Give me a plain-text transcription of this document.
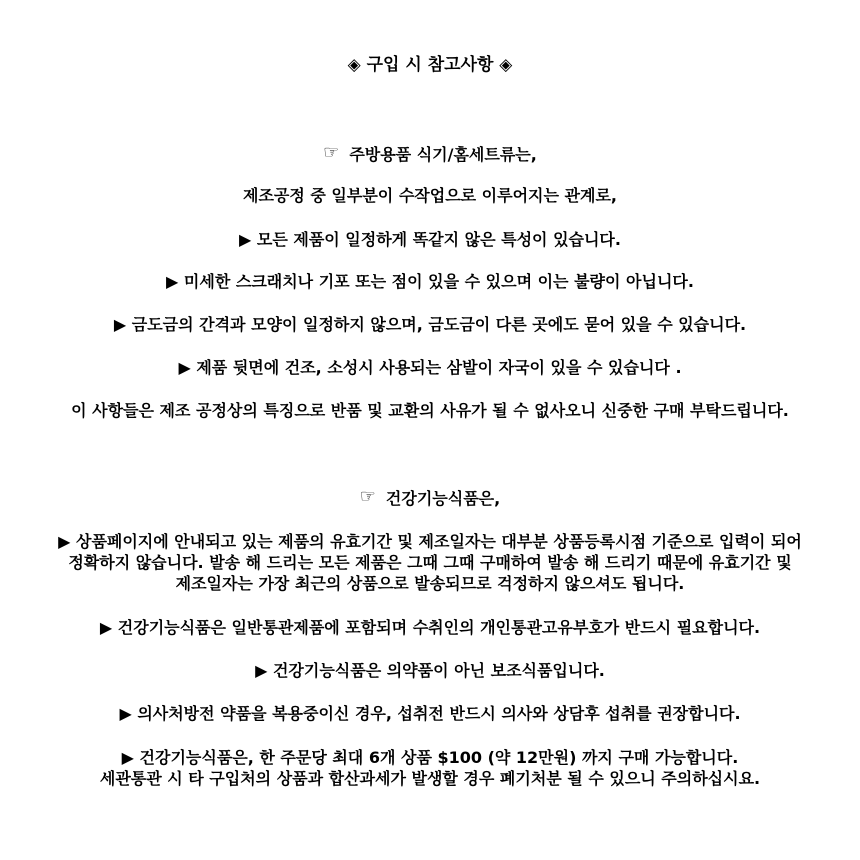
◈ 구입 시 참고사항 ◈
☞ 주방용품 식기/홈세트류는,
제조공정 중 일부분이 수작업으로 이루어지는 관계로,
▶ 모든 제품이 일정하게 똑같지 않은 특성이 있습니다.
▶ 미세한 스크래치나 기포 또는 점이 있을 수 있으며 이는 불량이 아닙니다.
▶ 금도금의 간격과 모양이 일정하지 않으며, 금도금이 다른 곳에도 묻어 있을 수 있습니다.
▶ 제품 뒷면에 건조, 소성시 사용되는 삼발이 자국이 있을 수 있습니다 .
이 사항들은 제조 공정상의 특징으로 반품 및 교환의 사유가 될 수 없사오니 신중한 구매 부탁드립니다.
☞ 건강기능식품은,
▶ 상품페이지에 안내되고 있는 제품의 유효기간 및 제조일자는 대부분 상품등록시점 기준으로 입력이 되어
정확하지 않습니다. 발송 해 드리는 모든 제품은 그때 그때 구매하여 발송 해 드리기 때문에 유효기간 및
제조일자는 가장 최근의 상품으로 발송되므로 걱정하지 않으셔도 됩니다.
▶ 건강기능식품은 일반통관제품에 포함되며 수취인의 개인통관고유부호가 반드시 필요합니다.
▶ 건강기능식품은 의약품이 아닌 보조식품입니다.
▶ 의사처방전 약품을 복용중이신 경우, 섭취전 반드시 의사와 상담후 섭취를 권장합니다.
▶ 건강기능식품은, 한 주문당 최대 6개 상품 $100 (약 12만원) 까지 구매 가능합니다.
세관통관 시 타 구입처의 상품과 합산과세가 발생할 경우 폐기처분 될 수 있으니 주의하십시요.
